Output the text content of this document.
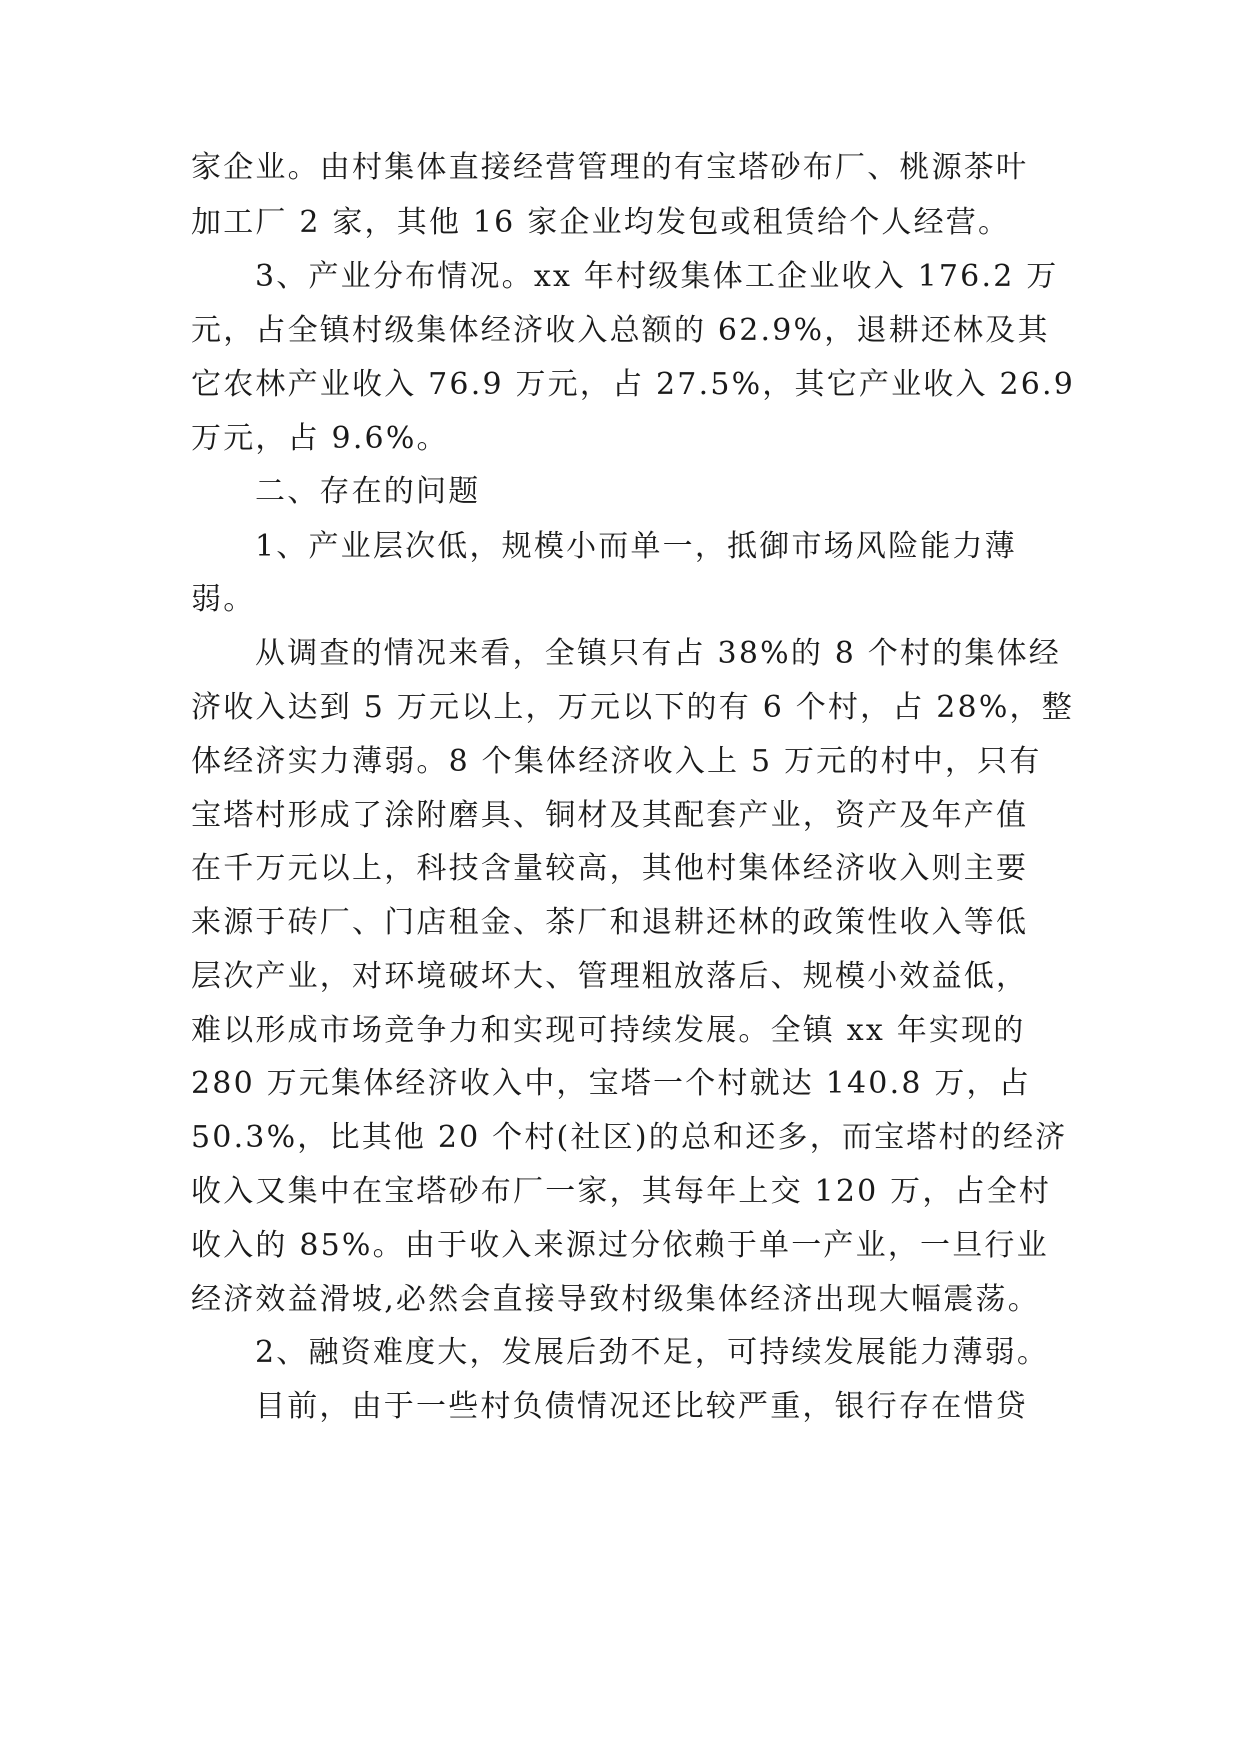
家企业。由村集体直接经营管理的有宝塔砂布厂、桃源茶叶
加工厂 2 家，其他 16 家企业均发包或租赁给个人经营。
3、产业分布情况。xx 年村级集体工企业收入 176.2 万
元，占全镇村级集体经济收入总额的 62.9%，退耕还林及其
它农林产业收入 76.9 万元，占 27.5%，其它产业收入 26.9
万元，占 9.6%。
二、存在的问题
1、产业层次低，规模小而单一，抵御市场风险能力薄
弱。
从调查的情况来看，全镇只有占 38%的 8 个村的集体经
济收入达到 5 万元以上，万元以下的有 6 个村，占 28%，整
体经济实力薄弱。8 个集体经济收入上 5 万元的村中，只有
宝塔村形成了涂附磨具、铜材及其配套产业，资产及年产值
在千万元以上，科技含量较高，其他村集体经济收入则主要
来源于砖厂、门店租金、茶厂和退耕还林的政策性收入等低
层次产业，对环境破坏大、管理粗放落后、规模小效益低，
难以形成市场竞争力和实现可持续发展。全镇 xx 年实现的
280 万元集体经济收入中，宝塔一个村就达 140.8 万，占
50.3%，比其他 20 个村(社区)的总和还多，而宝塔村的经济
收入又集中在宝塔砂布厂一家，其每年上交 120 万，占全村
收入的 85%。由于收入来源过分依赖于单一产业，一旦行业
经济效益滑坡,必然会直接导致村级集体经济出现大幅震荡。
2、融资难度大，发展后劲不足，可持续发展能力薄弱。
目前，由于一些村负债情况还比较严重，银行存在惜贷
